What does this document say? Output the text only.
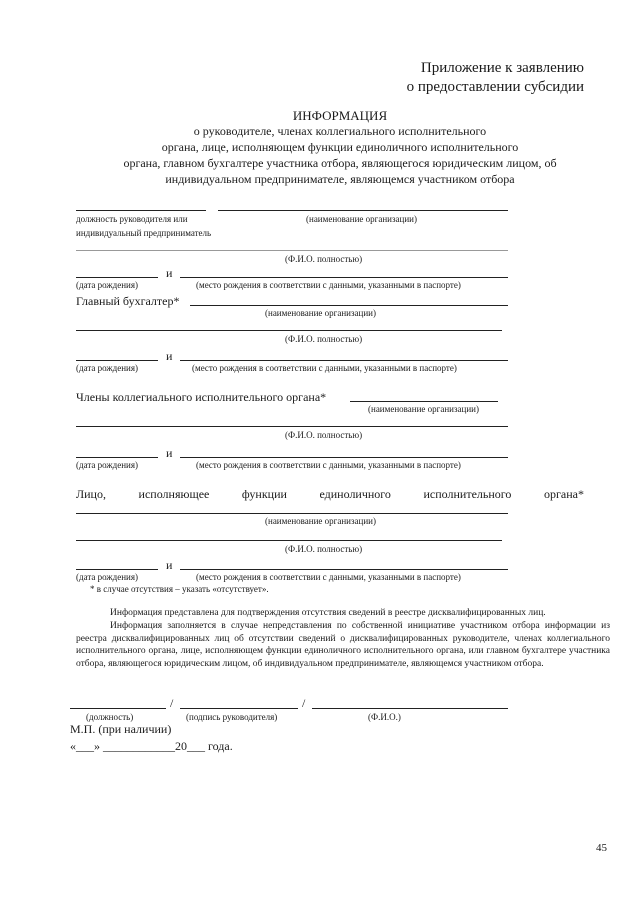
Приложение к заявлению
о предоставлении субсидии
ИНФОРМАЦИЯ
о руководителе, членах коллегиального исполнительного
органа, лице, исполняющем функции единоличного исполнительного
органа, главном бухгалтере участника отбора, являющегося юридическим лицом, об
индивидуальном предпринимателе, являющемся участником отбора
должность руководителя или	(наименование организации)
индивидуальный предприниматель
(Ф.И.О. полностью)
и
(дата рождения)	(место рождения в соответствии с данными, указанными в паспорте)
Главный бухгалтер*
(наименование организации)
(Ф.И.О. полностью)
и
(дата рождения)	(место рождения в соответствии с данными, указанными в паспорте)
Члены коллегиального исполнительного органа*
(наименование организации)
(Ф.И.О. полностью)
и
(дата рождения)	(место рождения в соответствии с данными, указанными в паспорте)
Лицо,	исполняющее	функции	единоличного	исполнительного	органа*
(наименование организации)
(Ф.И.О. полностью)
и
(дата рождения)	(место рождения в соответствии с данными, указанными в паспорте)
* в случае отсутствия – указать «отсутствует».
Информация представлена для подтверждения отсутствия сведений в реестре дисквалифицированных лиц.
Информация заполняется в случае непредставления по собственной инициативе участником отбора информации из реестра дисквалифицированных лиц об отсутствии сведений о дисквалифицированных руководителе, членах коллегиального исполнительного органа, лице, исполняющем функции единоличного исполнительного органа, или главном бухгалтере участника отбора, являющегося юридическим лицом, об индивидуальном предпринимателе, являющемся участником отбора.
/	/
(должность)	(подпись руководителя)	(Ф.И.О.)
М.П. (при наличии)
«___» ____________20___ года.
45
